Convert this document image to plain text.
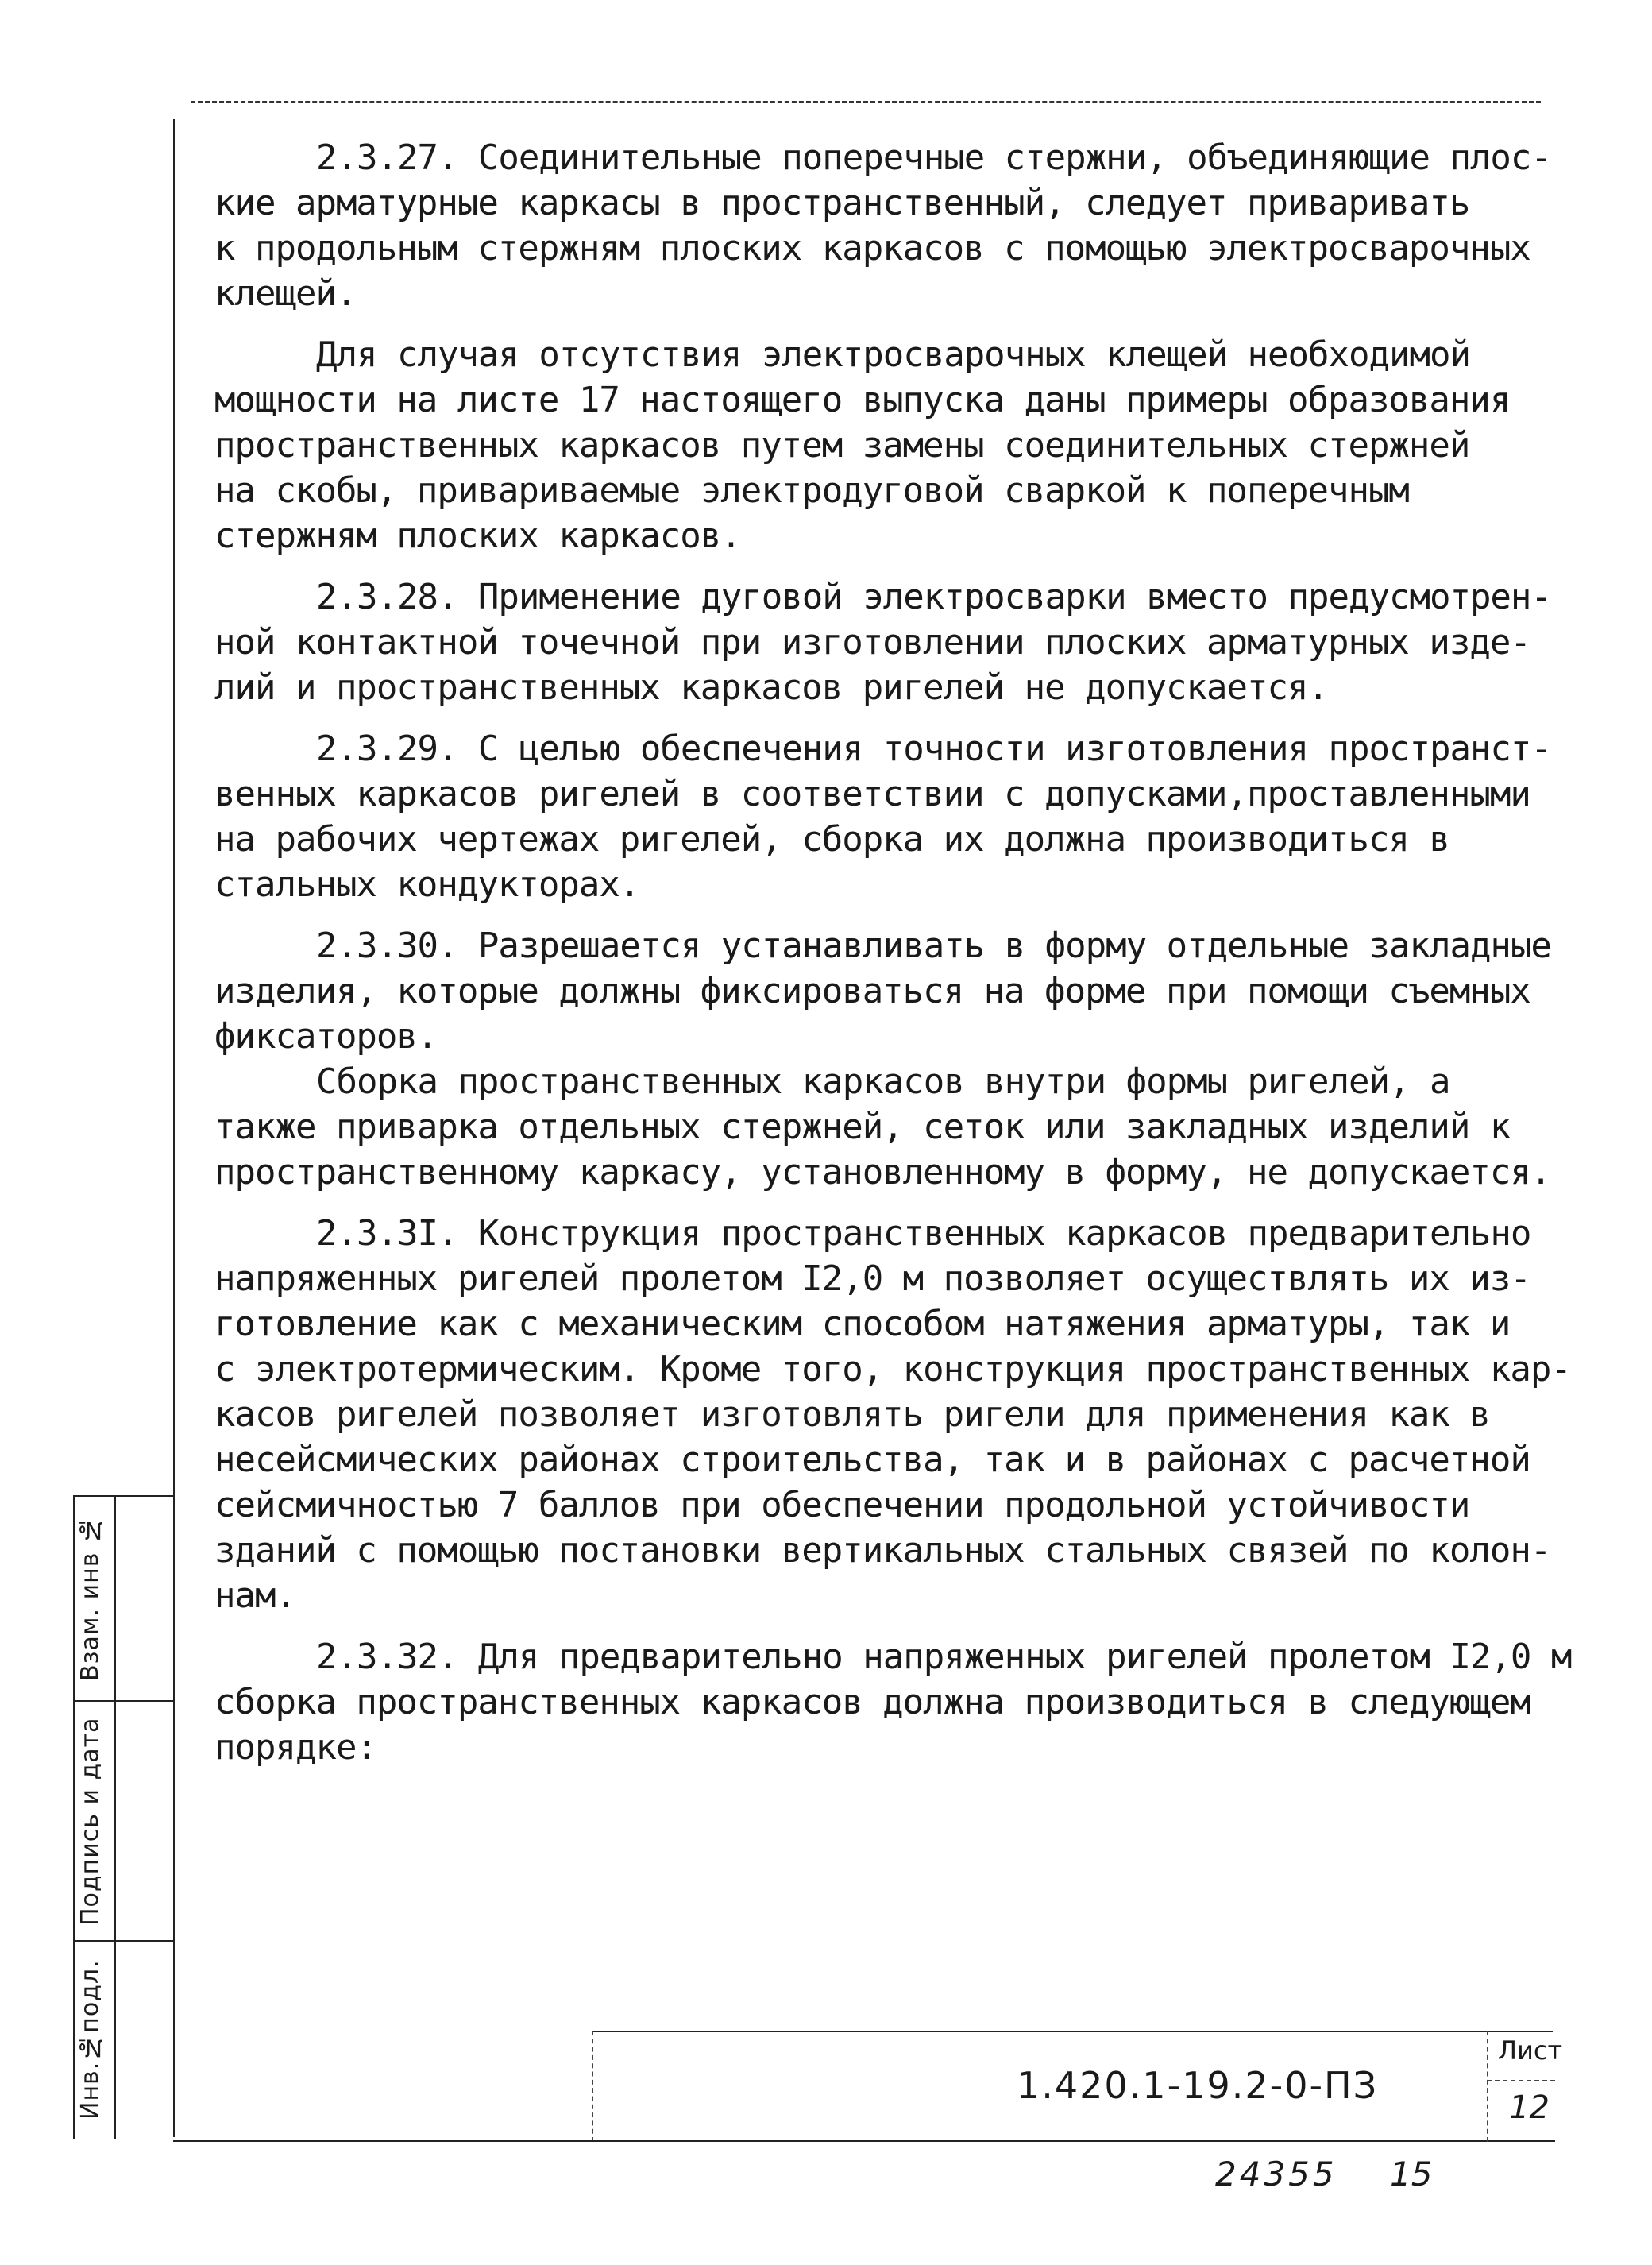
2.3.27. Соединительные поперечные стержни, объединяющие плос-

кие арматурные каркасы в пространственный, следует приваривать

к продольным стержням плоских каркасов с помощью электросварочных

клещей.

Для случая отсутствия электросварочных клещей необходимой

мощности на листе 17 настоящего выпуска даны примеры образования

пространственных каркасов путем замены соединительных стержней

на скобы, привариваемые электродуговой сваркой к поперечным

стержням плоских каркасов.

2.3.28. Применение дуговой электросварки вместо предусмотрен-

ной контактной точечной при изготовлении плоских арматурных изде-

лий и пространственных каркасов ригелей не допускается.

2.3.29. С целью обеспечения точности изготовления пространст-

венных каркасов ригелей в соответствии с допусками,проставленными

на рабочих чертежах ригелей, сборка их должна производиться в

стальных кондукторах.

2.3.30. Разрешается устанавливать в форму отдельные закладные

изделия, которые должны фиксироваться на форме при помощи съемных

фиксаторов.

Сборка пространственных каркасов внутри формы ригелей, а

также приварка отдельных стержней, сеток или закладных изделий к

пространственному каркасу, установленному в форму, не допускается.

2.3.3I. Конструкция пространственных каркасов предварительно

напряженных ригелей пролетом I2,0 м позволяет осуществлять их из-

готовление как с механическим способом натяжения арматуры, так и

с электротермическим. Кроме того, конструкция пространственных кар-

касов ригелей позволяет изготовлять ригели для применения как в

несейсмических районах строительства, так и в районах с расчетной

сейсмичностью 7 баллов при обеспечении продольной устойчивости

зданий с помощью постановки вертикальных стальных связей по колон-

нам.

2.3.32. Для предварительно напряженных ригелей пролетом I2,0 м

сборка пространственных каркасов должна производиться в следующем

порядке:

Взам. инв №
Подпись и дата
Инв.№подл.	1.420.1-19.2-0-ПЗ
Лист
12
24355 15
